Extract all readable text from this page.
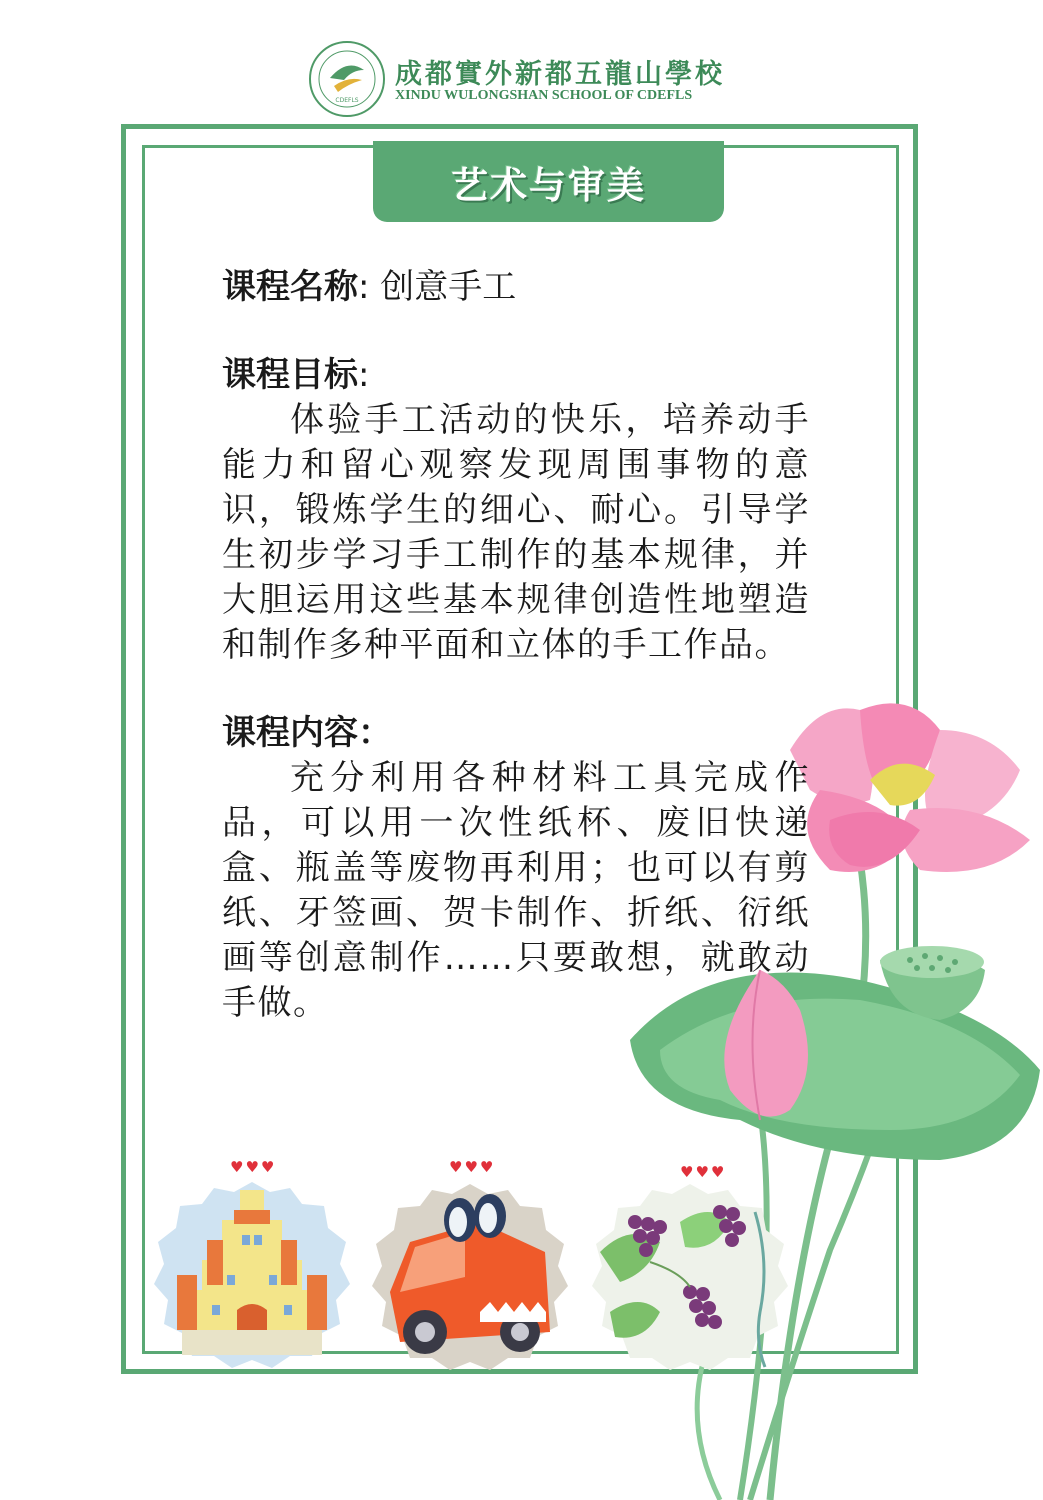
CDEFLS
成都實外新都五龍山學校
XINDU WULONGSHAN SCHOOL OF CDEFLS
艺术与审美
课程名称: 创意手工
课程目标:

体验手工活动的快乐，培养动手能力和留心观察发现周围事物的意识，锻炼学生的细心、耐心。引导学生初步学习手工制作的基本规律，并大胆运用这些基本规律创造性地塑造和制作多种平面和立体的手工作品。

课程内容：

充分利用各种材料工具完成作品，可以用一次性纸杯、废旧快递盒、瓶盖等废物再利用；也可以有剪纸、牙签画、贺卡制作、折纸、衍纸画等创意制作……只要敢想，就敢动手做。

♥♥♥	♥♥♥	♥♥♥
